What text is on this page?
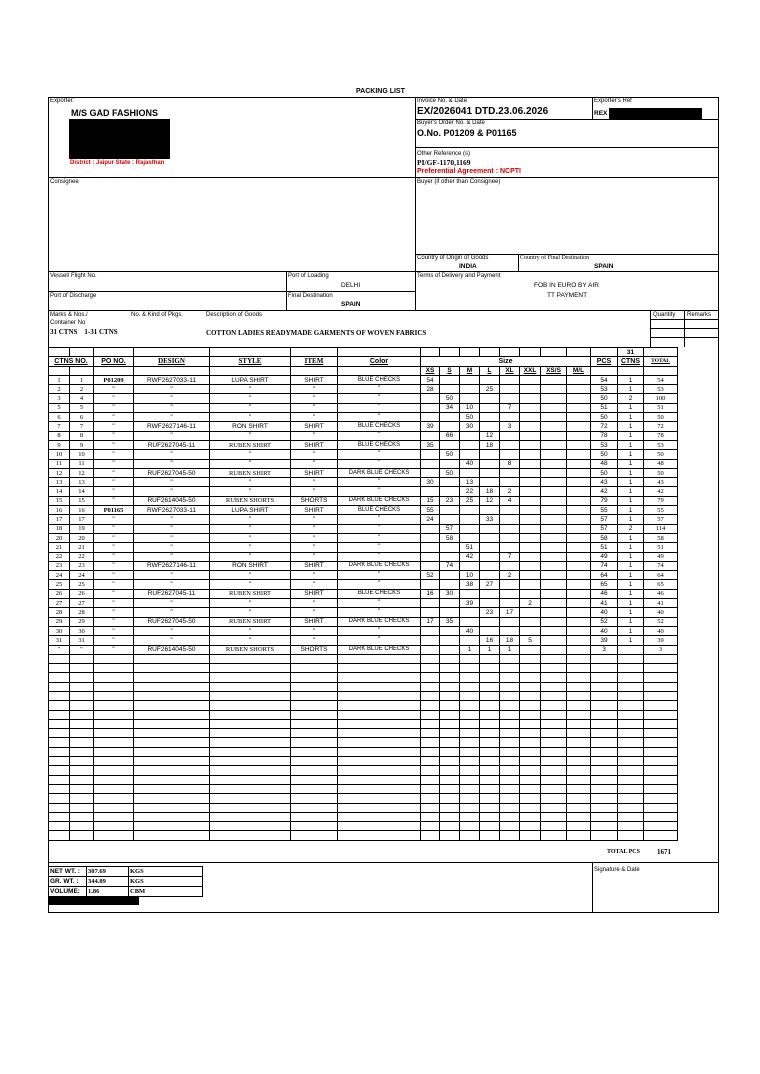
PACKING LIST
Exporter:
M/S GAD FASHIONS
District : Jaipur State : Rajasthan
Invoice No. & Date
EX/2026041 DTD.23.06.2026
Exporter's Ref
REX
Buyer's Order No. & Date
O.No. P01209 & P01165
Other Reference (s)
PI/GF-1170,1169
Preferential Agreement : NCPTI
Consignee	Buyer (if other than Consignee)
Country of Origin of Goods
INDIA
Country of Final Destination
SPAIN
Vessel/ Flight No.	Port of Loading
DELHI
Terms of Delivery and Payment
FOB IN EURO BY AIR
TT PAYMENT
Port of Discharge	Final Destination
SPAIN
Marks & Nos./
Container No
31 CTNS    1-31 CTNS
No. & Kind of Pkgs.	Description of Goods
COTTON LADIES READYMADE GARMENTS OF WOVEN FABRICS
Quantity Remarks
																31	
CTNS NO.		PO NO.	DESIGN	STYLE	ITEM	Color	Size								PCS	CTNS	TOTAL
							XS	S	M	L	XL	XXL	XS/S	M/L			
1	1	P01209	RWF2627033-11	LUPA SHIRT	SHIRT	BLUE CHECKS	54								54	1	54
2	2	"	"	"	"	"	28			25					53	1	53
3	4	"	"	"	"	"		50							50	2	100
5	5	"	"	"	"	"		34	10		7				51	1	51
6	6	"	"	"	"	"			50						50	1	50
7	7	"	RWF2627146-11	RON SHIRT	SHIRT	BLUE CHECKS	39		30		3				72	1	72
8	8	"	"	"	"	"		66		12					78	1	78
9	9	"	RUF2627045-11	RUBEN SHIRT	SHIRT	BLUE CHECKS	35			18					53	1	53
10	10	"	"	"	"	"		50							50	1	50
11	11	"	"	"	"	"			40		8				48	1	48
12	12	"	RUF2627045-50	RUBEN SHIRT	SHIRT	DARK BLUE CHECKS		50							50	1	50
13	13	"	"	"	"	"	30		13						43	1	43
14	14	"	"	"	"	"			22	18	2				42	1	42
15	15	"	RUF2614045-50	RUBEN SHORTS	SHORTS	DARK BLUE CHECKS	15	23	25	12	4				79	1	79
16	16	P01165	RWF2627033-11	LUPA SHIRT	SHIRT	BLUE CHECKS	55								55	1	55
17	17	"	"	"	"	"	24			33					57	1	57
18	19	"	"	"	"	"		57							57	2	114
20	20	"	"	"	"	"		58							58	1	58
21	21	"	"	"	"	"			51						51	1	51
22	22	"	"	"	"	"			42		7				49	1	49
23	23	"	RWF2627146-11	RON SHIRT	SHIRT	DARK BLUE CHECKS		74							74	1	74
24	24	"	"	"	"	"	52		10		2				64	1	64
25	25	"	"	"	"	"			38	27					65	1	65
26	26	"	RUF2627045-11	RUBEN SHIRT	SHIRT	BLUE CHECKS	16	30							46	1	46
27	27	"	"	"	"	"			39			2			41	1	41
28	28	"	"	"	"	"				23	17				40	1	40
29	29	"	RUF2627045-50	RUBEN SHIRT	SHIRT	DARK BLUE CHECKS	17	35							52	1	52
30	30	"	"	"	"	"			40						40	1	40
31	31	"	"	"	"	"				16	18	5			39	1	39
"	"	"	RUF2614045-50	RUBEN SHORTS	SHORTS	DARK BLUE CHECKS			1	1	1				3		3

TOTAL PCS 1671
NET WT. :	307.69	KGS
GR. WT. :	344.89	KGS
VOLUME:	1.86	CBM
Signature & Date
